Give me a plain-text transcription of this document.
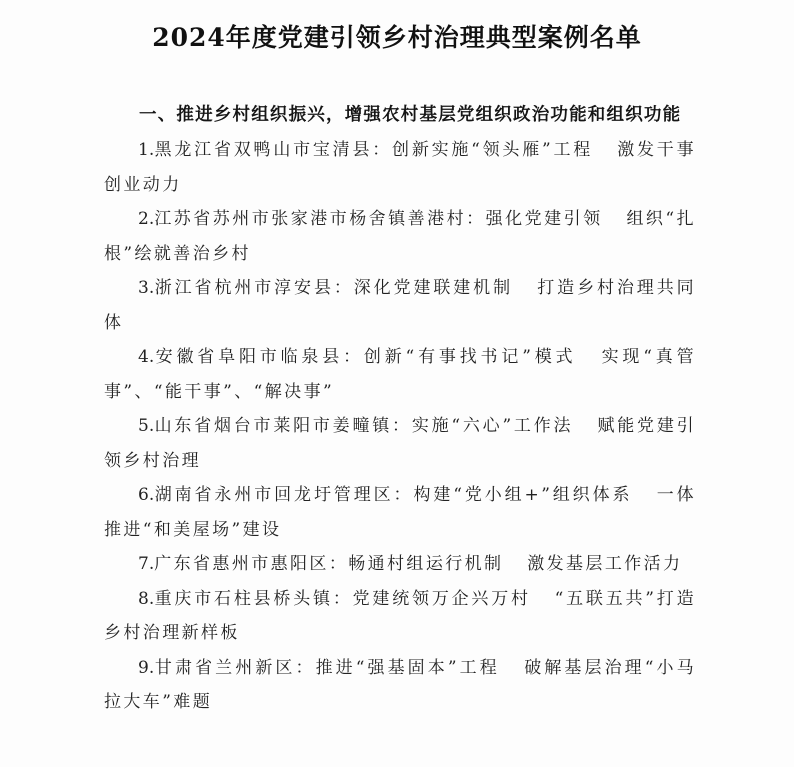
2024年度党建引领乡村治理典型案例名单

一、推进乡村组织振兴，增强农村基层党组织政治功能和组织功能

1.黑龙江省双鸭山市宝清县：创新实施“领头雁”工程 激发干事创业动力

2.江苏省苏州市张家港市杨舍镇善港村：强化党建引领 组织“扎根”绘就善治乡村

3.浙江省杭州市淳安县：深化党建联建机制 打造乡村治理共同体

4.安徽省阜阳市临泉县：创新“有事找书记”模式 实现“真管事”、“能干事”、“解决事”

5.山东省烟台市莱阳市姜疃镇：实施“六心”工作法 赋能党建引领乡村治理

6.湖南省永州市回龙圩管理区：构建“党小组+”组织体系 一体推进“和美屋场”建设

7.广东省惠州市惠阳区：畅通村组运行机制 激发基层工作活力

8.重庆市石柱县桥头镇：党建统领万企兴万村 “五联五共”打造乡村治理新样板

9.甘肃省兰州新区：推进“强基固本”工程 破解基层治理“小马拉大车”难题
